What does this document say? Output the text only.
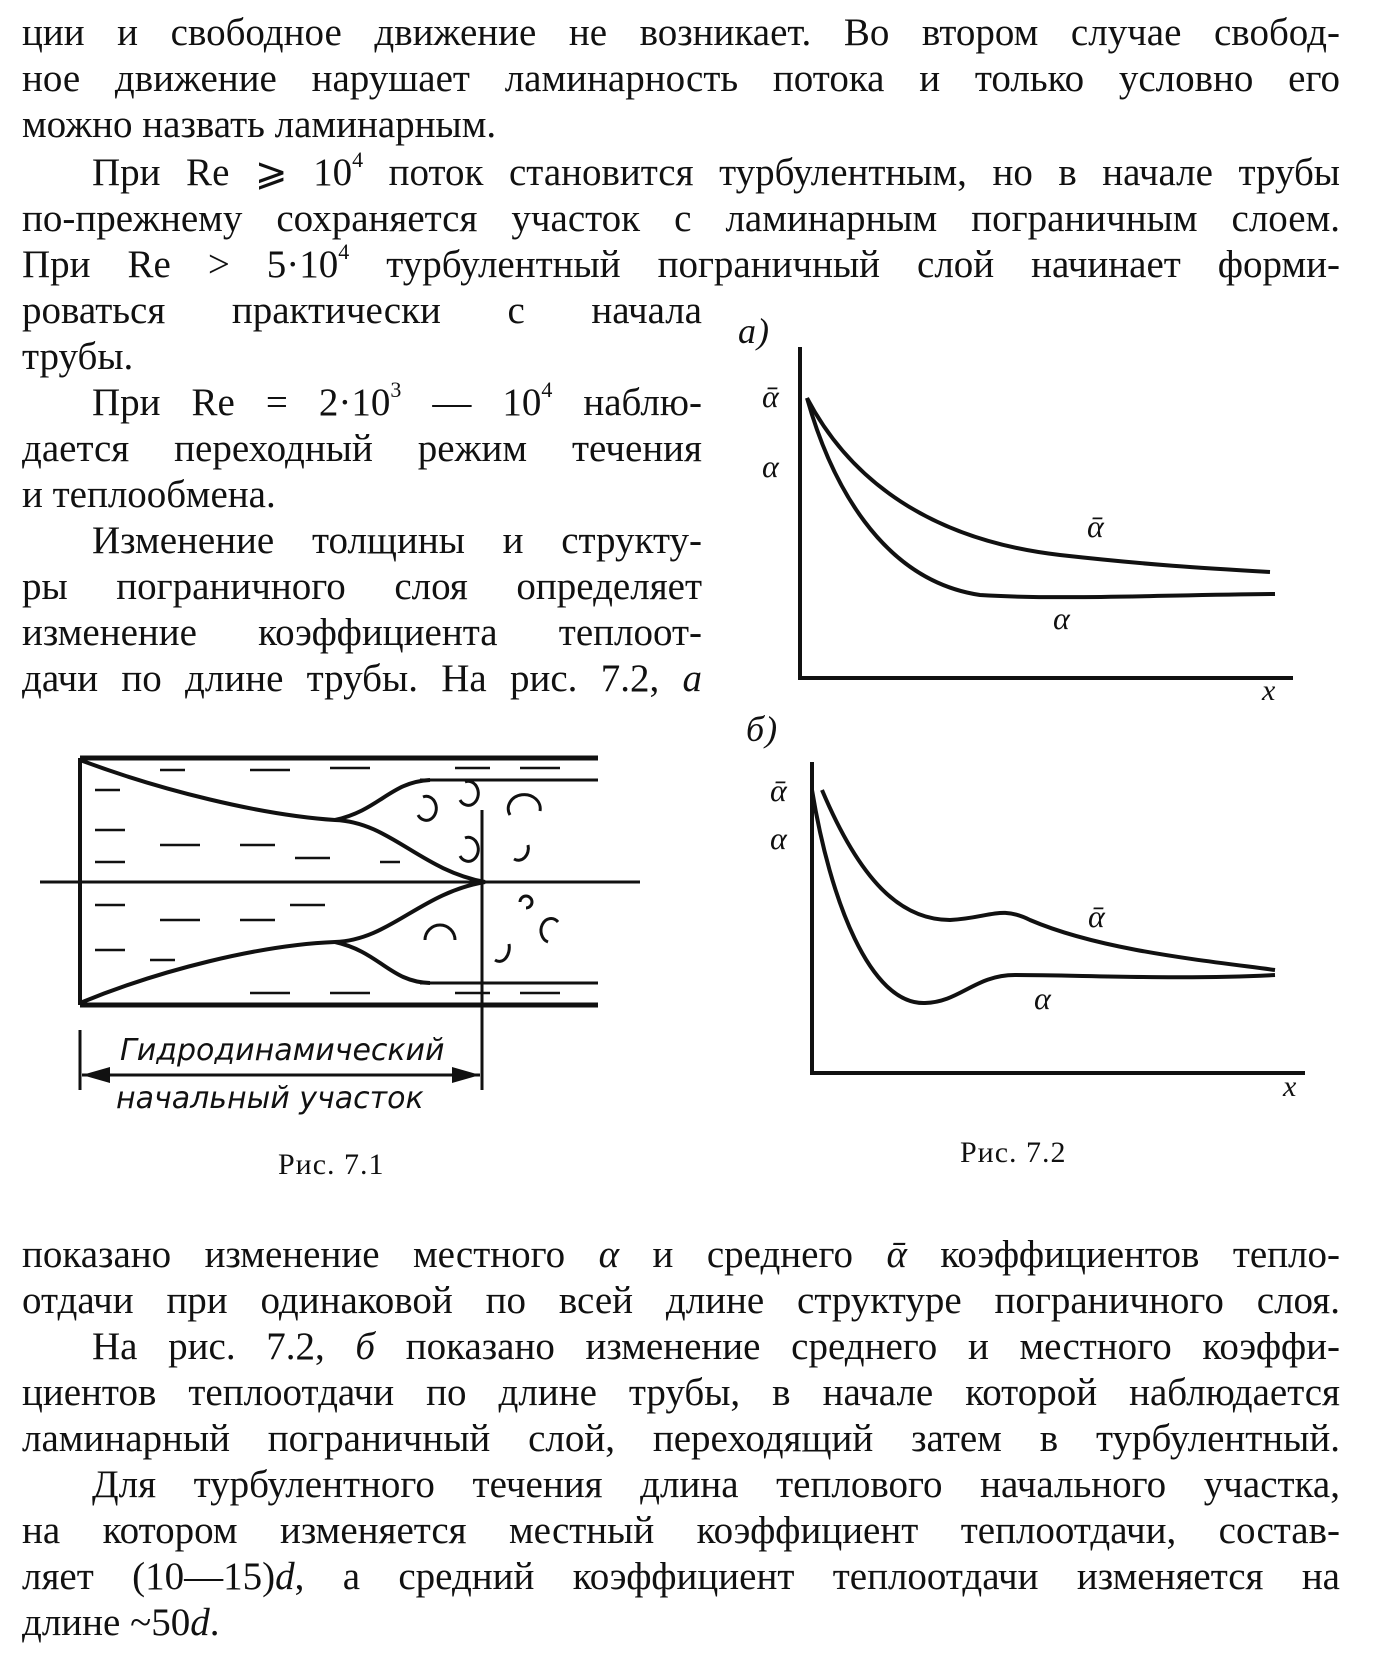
ции и свободное движение не возникает. Во втором случае свобод-
ное движение нарушает ламинарность потока и только условно его
можно назвать ламинарным.
При Re ⩾ $10^4$ поток становится турбулентным, но в начале трубы
по-прежнему сохраняется участок с ламинарным пограничным слоем.
При $Re > 5\cdot 10^4$ турбулентный пограничный слой начинает форми-
роваться практически с начала
трубы.
При $Re = 2\cdot 10^3$ — $10^4$ наблю-
дается переходный режим течения
и теплообмена.
Изменение толщины и структу-
ры пограничного слоя определяет
изменение коэффициента теплоот-
дачи по длине трубы. На рис. 7.2, а
Гидродинамический
начальный участок
Рис. 7.1
а)
ᾱ
α
ᾱ
α
x
б)
ᾱ
α
ᾱ
α
x
Рис. 7.2
показано изменение местного α и среднего ᾱ коэффициентов тепло-
отдачи при одинаковой по всей длине структуре пограничного слоя.
На рис. 7.2, б показано изменение среднего и местного коэффи-
циентов теплоотдачи по длине трубы, в начале которой наблюдается
ламинарный пограничный слой, переходящий затем в турбулентный.
Для турбулентного течения длина теплового начального участка,
на котором изменяется местный коэффициент теплоотдачи, состав-
ляет (10—15)d, а средний коэффициент теплоотдачи изменяется на
длине ~50d.
